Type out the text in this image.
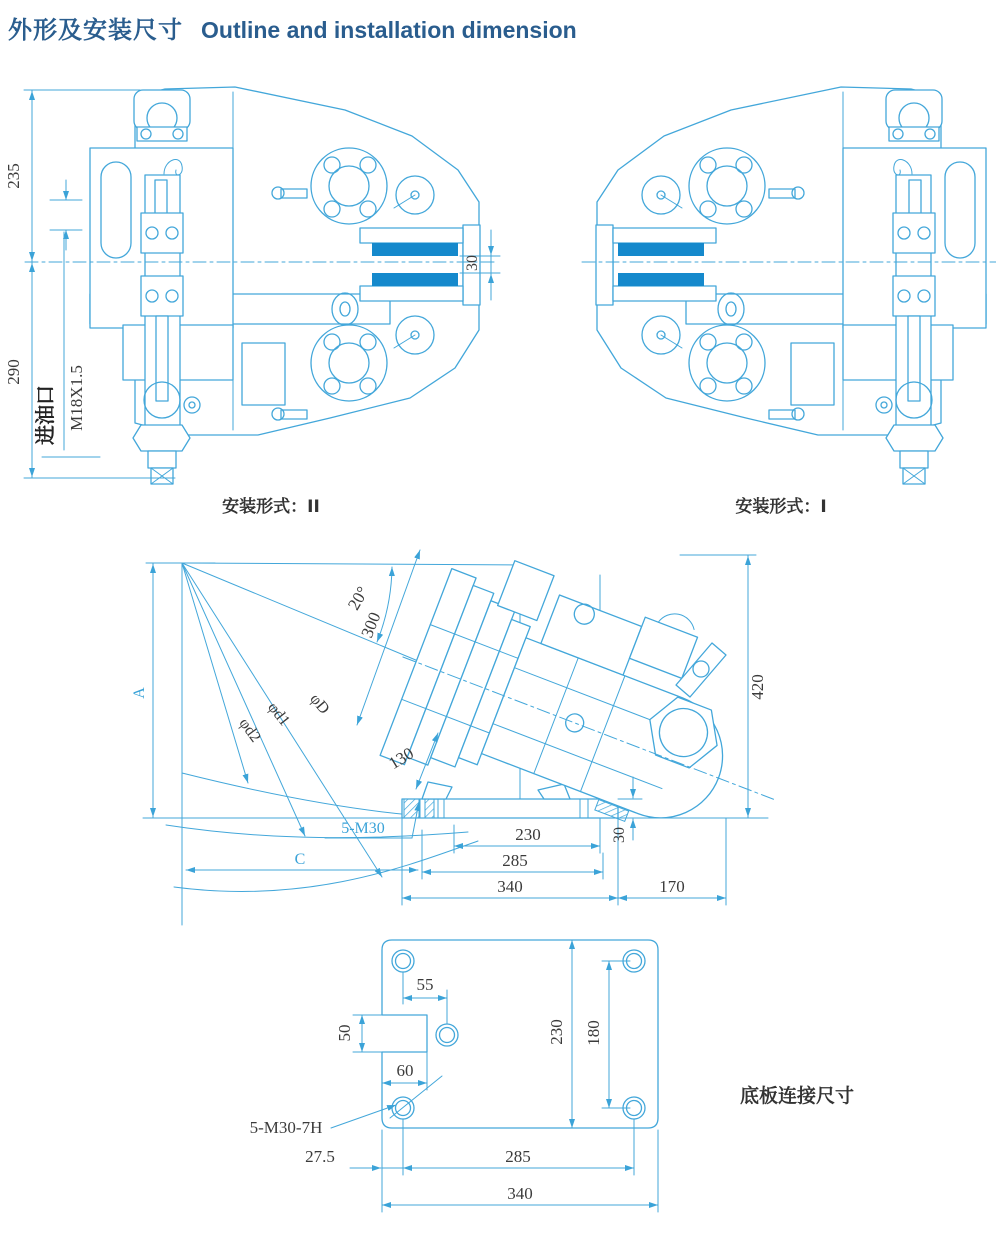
外形及安装尺寸 Outline and installation dimension
235
290
30
进油口 M18X1.5
安装形式：II	安装形式：I
20°
300
A	φD
φd1
φd2
130
5-M30
C
230
285
340	170
30
420
55
50
60
230 180
5-M30-7H
27.5	285
340
底板连接尺寸
